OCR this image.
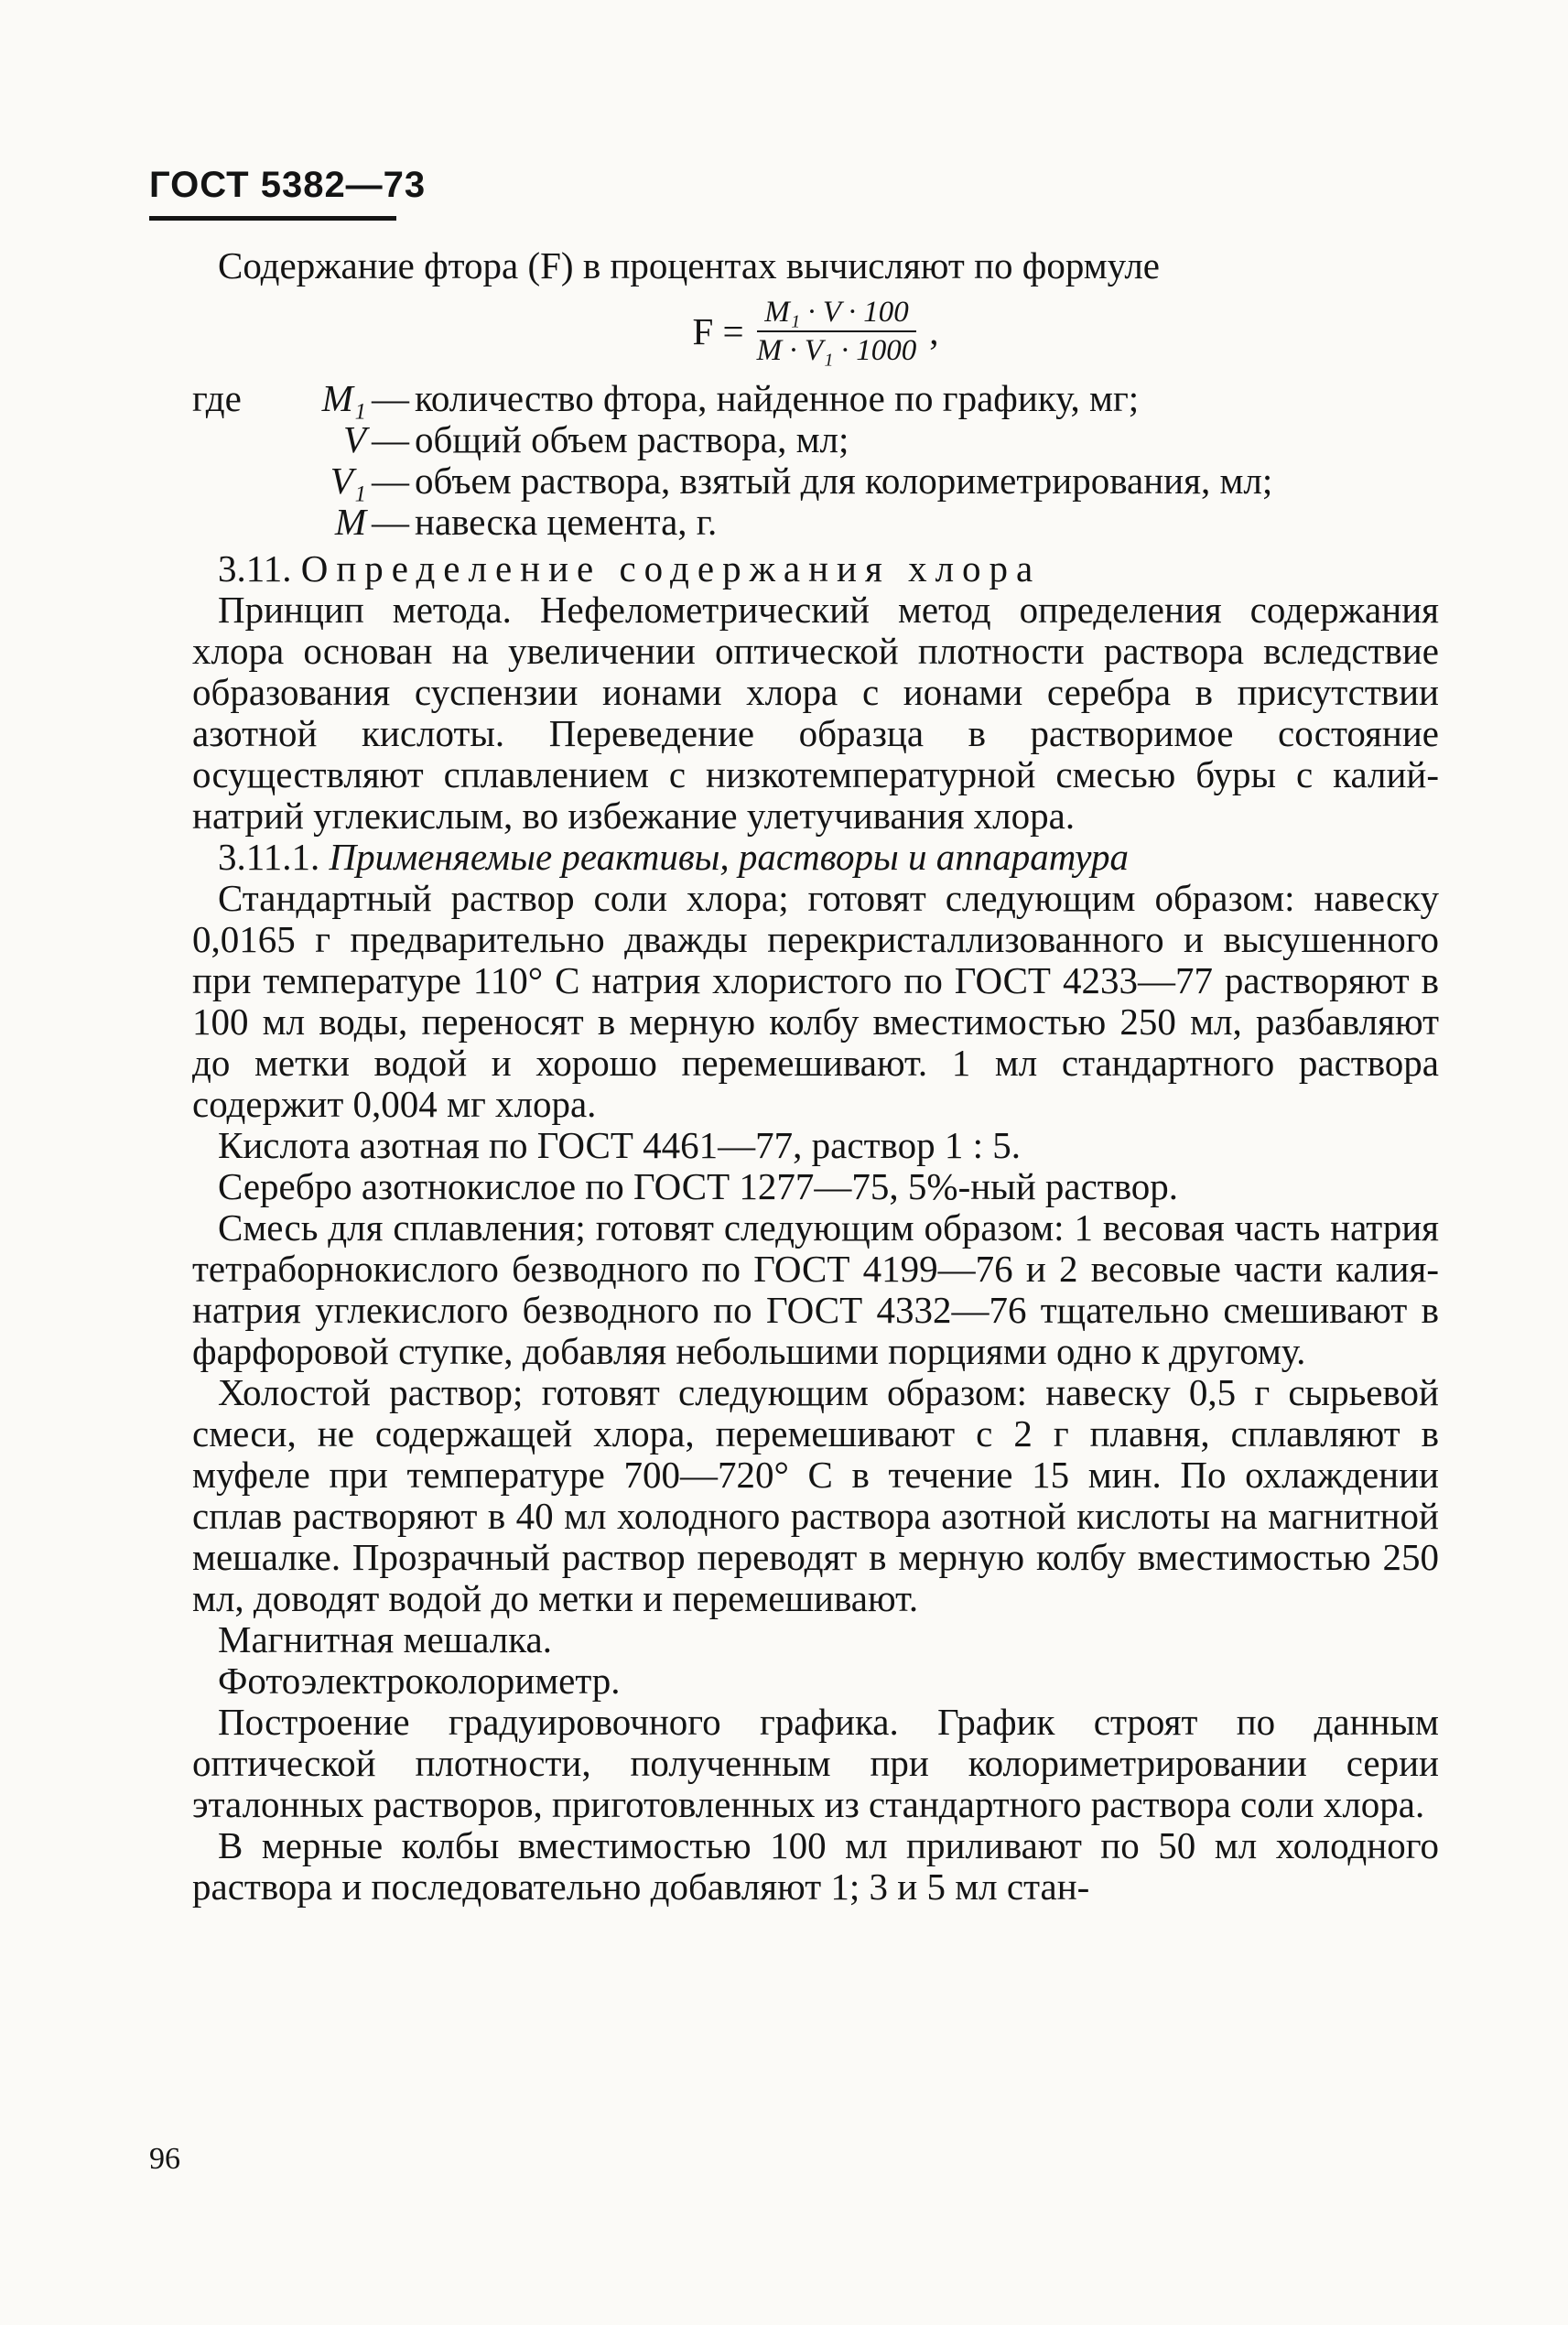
ГОСТ 5382—73

Содержание фтора (F) в процентах вычисляют по формуле

$F = \frac{\text{M₁ · V · 100}}{\text{M · V₁ · 1000}}$ ,
где	M₁ — количество фтора, найденное по графику, мг;
V — общий объем раствора, мл;
V₁ — объем раствора, взятый для колориметрирования, мл;
M — навеска цемента, г.

3.11. Определение содержания хлора

Принцип метода. Нефелометрический метод определения содержания хлора основан на увеличении оптической плотности раствора вследствие образования суспензии ионами хлора с ионами серебра в присутствии азотной кислоты. Переведение образца в растворимое состояние осуществляют сплавлением с низкотемпературной смесью буры с калий-натрий углекислым, во избежание улетучивания хлора.

3.11.1. Применяемые реактивы, растворы и аппаратура

Стандартный раствор соли хлора; готовят следующим образом: навеску 0,0165 г предварительно дважды перекристаллизованного и высушенного при температуре 110° С натрия хлористого по ГОСТ 4233—77 растворяют в 100 мл воды, переносят в мерную колбу вместимостью 250 мл, разбавляют до метки водой и хорошо перемешивают. 1 мл стандартного раствора содержит 0,004 мг хлора.

Кислота азотная по ГОСТ 4461—77, раствор 1 : 5.

Серебро азотнокислое по ГОСТ 1277—75, 5%-ный раствор.

Смесь для сплавления; готовят следующим образом: 1 весовая часть натрия тетраборнокислого безводного по ГОСТ 4199—76 и 2 весовые части калия-натрия углекислого безводного по ГОСТ 4332—76 тщательно смешивают в фарфоровой ступке, добавляя небольшими порциями одно к другому.

Холостой раствор; готовят следующим образом: навеску 0,5 г сырьевой смеси, не содержащей хлора, перемешивают с 2 г плавня, сплавляют в муфеле при температуре 700—720° С в течение 15 мин. По охлаждении сплав растворяют в 40 мл холодного раствора азотной кислоты на магнитной мешалке. Прозрачный раствор переводят в мерную колбу вместимостью 250 мл, доводят водой до метки и перемешивают.

Магнитная мешалка.

Фотоэлектроколориметр.

Построение градуировочного графика. График строят по данным оптической плотности, полученным при колориметрировании серии эталонных растворов, приготовленных из стандартного раствора соли хлора.

В мерные колбы вместимостью 100 мл приливают по 50 мл холодного раствора и последовательно добавляют 1; 3 и 5 мл стан-

96
